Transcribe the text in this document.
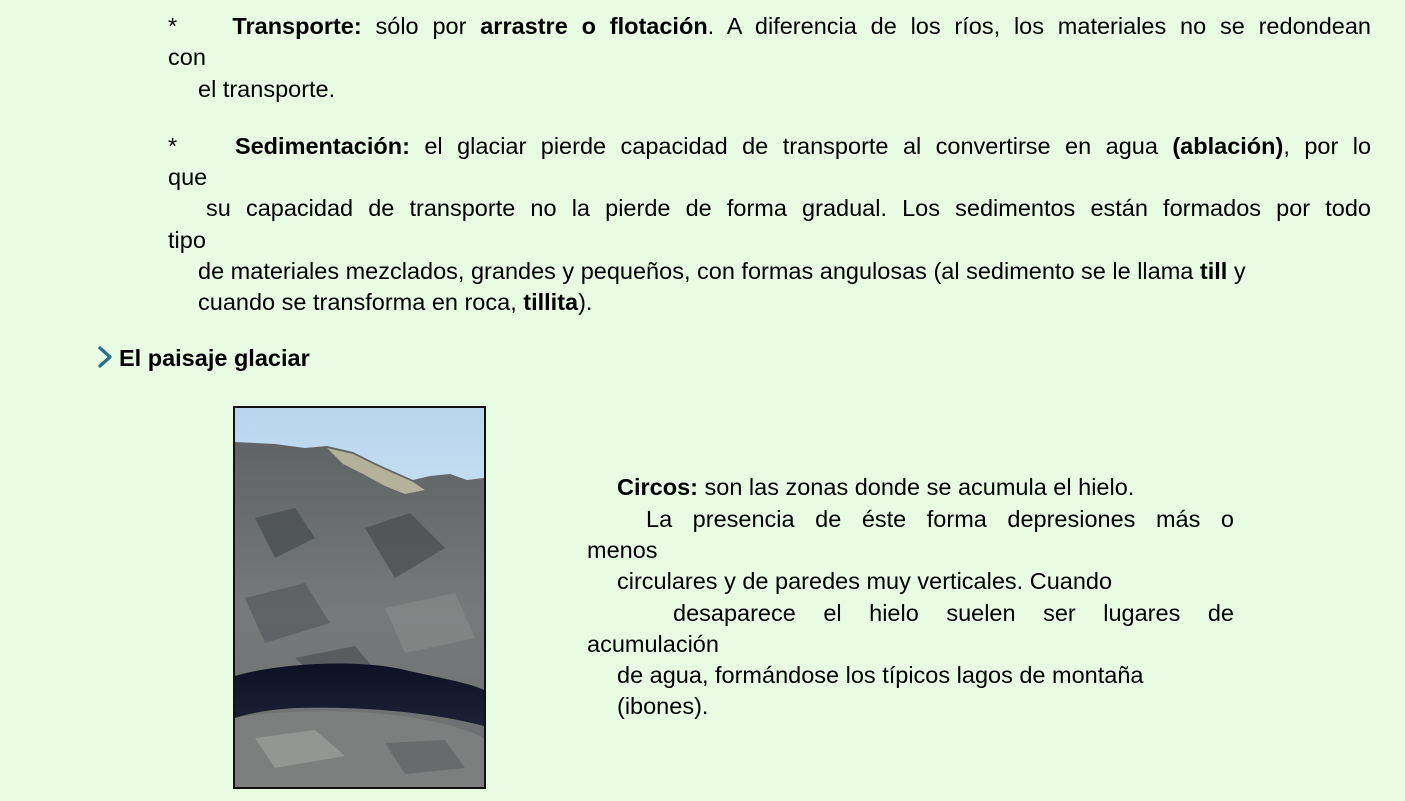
* Transporte: sólo por arrastre o flotación. A diferencia de los ríos, los materiales no se redondean
con
el transporte.
* Sedimentación: el glaciar pierde capacidad de transporte al convertirse en agua (ablación), por lo
que
su capacidad de transporte no la pierde de forma gradual. Los sedimentos están formados por todo
tipo
de materiales mezclados, grandes y pequeños, con formas angulosas (al sedimento se le llama till y
cuando se transforma en roca, tillita).
El paisaje glaciar
Circos: son las zonas donde se acumula el hielo.
La presencia de éste forma depresiones más o
menos
circulares y de paredes muy verticales. Cuando
desaparece el hielo suelen ser lugares de
acumulación
de agua, formándose los típicos lagos de montaña
(ibones).
